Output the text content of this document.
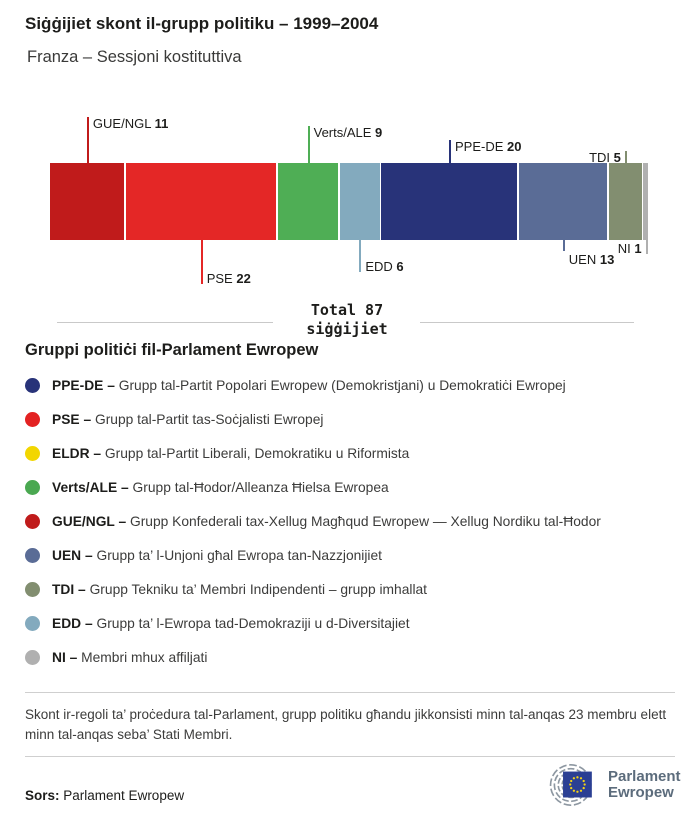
Siġġijiet skont il-grupp politiku – 1999–2004
Franza – Sessjoni kostituttiva
GUE/NGL 11
PSE 22
Verts/ALE 9
EDD 6
PPE-DE 20
UEN 13
TDI 5
NI 1
Total 87
siġġijiet
Gruppi politiċi fil-Parlament Ewropew
PPE-DE – Grupp tal-Partit Popolari Ewropew (Demokristjani) u Demokratiċi Ewropej
PSE – Grupp tal-Partit tas-Soċjalisti Ewropej
ELDR – Grupp tal-Partit Liberali, Demokratiku u Riformista
Verts/ALE – Grupp tal-Ħodor/Alleanza Ħielsa Ewropea
GUE/NGL – Grupp Konfederali tax-Xellug Magħqud Ewropew — Xellug Nordiku tal-Ħodor
UEN – Grupp ta’ l-Unjoni għal Ewropa tan-Nazzjonijiet
TDI – Grupp Tekniku ta’ Membri Indipendenti – grupp imhallat
EDD – Grupp ta’ l-Ewropa tad-Demokraziji u d-Diversitajiet
NI – Membri mhux affiljati
Skont ir-regoli ta’ proċedura tal-Parlament, grupp politiku għandu jikkonsisti minn tal-anqas 23 membru elett minn tal-anqas seba’ Stati Membri.
Sors: Parlament Ewropew
Parlament
Ewropew
